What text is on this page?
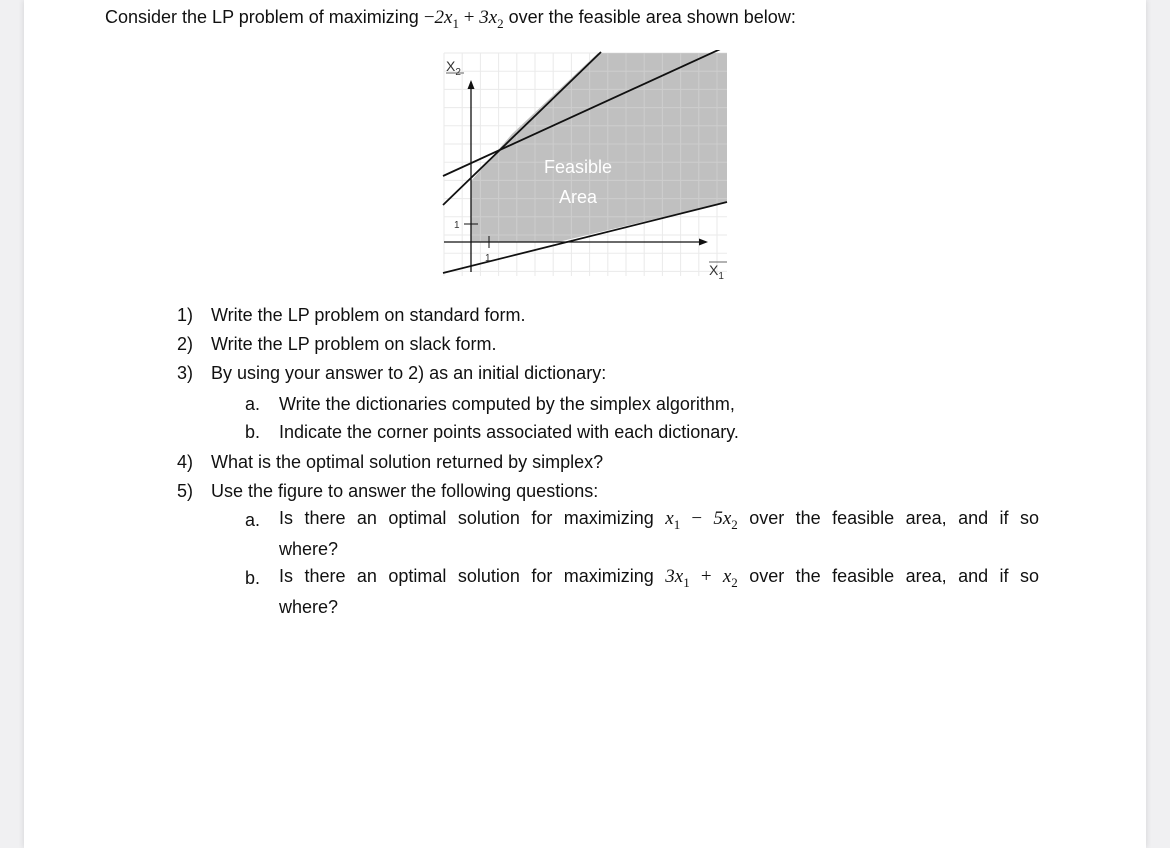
Consider the LP problem of maximizing $-2x_1 + 3x_2$ over the feasible area shown below:
1
1
$X_2$
$X_1$
Feasible
Area
1) Write the LP problem on standard form.
2) Write the LP problem on slack form.
3) By using your answer to 2) as an initial dictionary:
a. Write the dictionaries computed by the simplex algorithm,
b. Indicate the corner points associated with each dictionary.
4) What is the optimal solution returned by simplex?
5) Use the figure to answer the following questions:
a. Is there an optimal solution for maximizing $x_1 - 5x_2$ over the feasible area, and if so
where?
b. Is there an optimal solution for maximizing $3x_1 + x_2$ over the feasible area, and if so
where?
